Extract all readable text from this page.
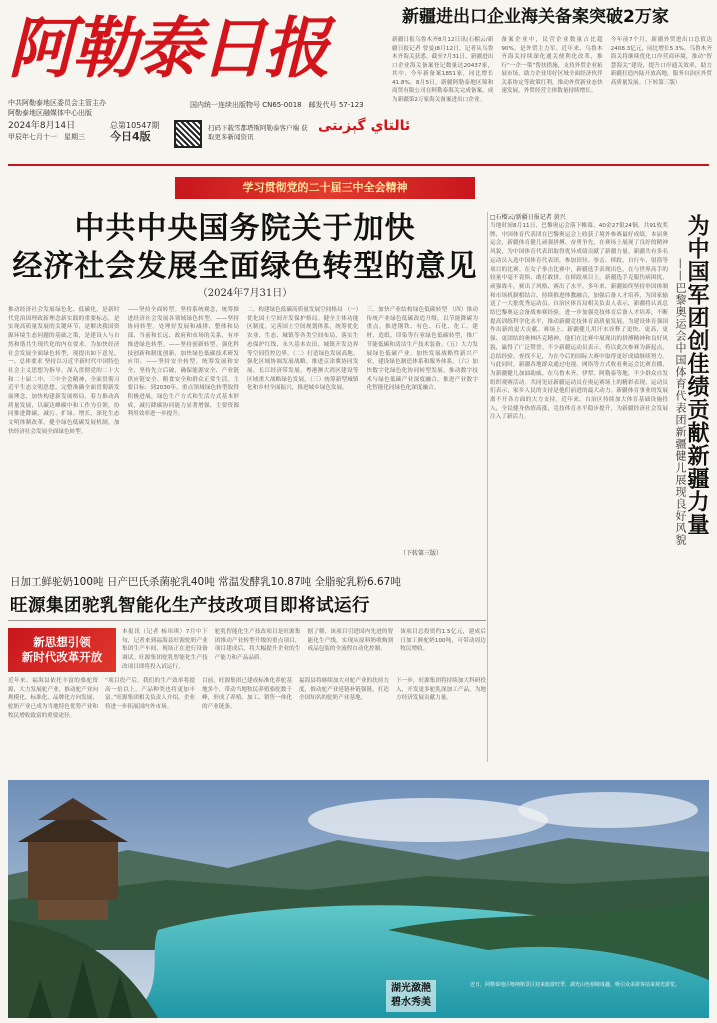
阿勒泰日报
中共阿勒泰地区委员会主管主办
阿勒泰地区融媒体中心出版
国内统一连续出版物号 CN65-0018　邮发代号 57-123
2024年8月14日
甲辰年七月十一　星期三
总第10547期
今日4版
扫码下载雪都塔斯阿勒泰客户端 获取更多新闻资讯
ئالتاي گېزىتى
新疆进出口企业海关备案突破2万家
新疆日报乌鲁木齐8月12日讯(石榴云/新疆日报记者 曾曼)8月12日，记者从乌鲁木齐海关获悉，截至7月31日，新疆进出口企业海关备案登记数量达20437家，其中，今年新备案1851家，同比增长41.8%。8月5日，新疆阿勒泰地区锦和商贸有限公司在阿勒泰海关完成备案，成为新疆第2万家海关备案进出口企业。
备案企业中，民营企业数量占比超90%，是外贸主力军。近年来，乌鲁木齐海关持续深化通关便利化改革，推行“一企一策”帮扶措施，支持外贸企业拓展市场，助力企业用好区域全面经济伙伴关系协定等政策红利，推动外贸新业态快速发展，外贸经营主体数量持续增长。
今年前7个月，新疆外贸进出口总值达2408.3亿元，同比增长5.3%。乌鲁木齐海关将继续优化口岸营商环境，推动“智慧海关”建设，提升口岸通关效率，助力新疆打造内陆开放高地，服务自治区外贸高质量发展。（下转第三版）
学习贯彻党的二十届三中全会精神
中共中央国务院关于加快
经济社会发展全面绿色转型的意见
（2024年7月31日）
推动经济社会发展绿色化、低碳化，是新时代党治国理政新理念新实践的重要标志，是实现高质量发展的关键环节，是解决我国资源环境生态问题的基础之策，是建设人与自然和谐共生现代化的内在要求。为加快经济社会发展全面绿色转型，现提出如下意见。一、总体要求 坚持以习近平新时代中国特色社会主义思想为指导，深入贯彻党的二十大和二十届二中、三中全会精神，全面贯彻习近平生态文明思想，完整准确全面贯彻新发展理念，加快构建新发展格局，着力推动高质量发展，以碳达峰碳中和工作为引领，协同推进降碳、减污、扩绿、增长，深化生态文明体制改革，健全绿色低碳发展机制，加快经济社会发展全面绿色转型。
——坚持全面转型。坚持系统观念，统筹推进经济社会发展各领域绿色转型。——坚持协同转型。处理好发展和减排、整体和局部、当前和长远、政府和市场的关系，有序推进绿色转型。——坚持创新转型。强化科技创新和制度创新，加快绿色低碳技术研发应用。——坚持安全转型。统筹发展和安全，坚持先立后破，确保能源安全、产业链供应链安全、粮食安全和群众正常生活。主要目标：到2030年，重点领域绿色转型取得积极进展，绿色生产方式和生活方式基本形成，减污降碳协同能力显著增强，主要资源利用效率进一步提升。
二、构建绿色低碳高质量发展空间格局 （一）优化国土空间开发保护格局。健全主体功能区制度，完善国土空间规划体系，统筹优化农业、生态、城镇等各类空间布局，落实生态保护红线、永久基本农田、城镇开发边界等空间管控边界。（二）打造绿色发展高地。强化区域协调发展战略，推进京津冀协同发展、长江经济带发展、粤港澳大湾区建设等区域重大战略绿色发展。（三）统筹新型城镇化和乡村全面振兴，推进城乡绿色发展。
三、加快产业结构绿色低碳转型 （四）推动传统产业绿色低碳改造升级。以节能降碳为重点，推进钢铁、有色、石化、化工、建材、造纸、印染等行业绿色低碳转型，推广节能低碳和清洁生产技术装备。（五）大力发展绿色低碳产业。加快发展战略性新兴产业，建设绿色制造体系和服务体系。（六）加快数字化绿色化协同转型发展。推动数字技术与绿色低碳产业深度融合，推进产业数字化智能化同绿色化深度融合。
（下转第三版）
□石榴云/新疆日报记者 黄兴
当地时间8月11日，巴黎奥运会落下帷幕。40金27银24铜，共91枚奖牌，中国体育代表团在巴黎奥运会上收获了境外参赛最好成绩。本届奥运会，新疆体育健儿顽强拼搏、奋勇争先，在赛场上展现了良好的精神风貌，为中国体育代表团取得优异成绩贡献了新疆力量。新疆共有多名运动员入选中国体育代表团，参加田径、拳击、摔跤、自行车、射箭等项目的比赛。在女子拳击比赛中，新疆选手表现出色，在与世界高手的较量中毫不畏惧、敢打敢拼。在摔跤项目上，新疆选手克服伤病困扰，顽强战斗，赛出了风格、赛出了水平。多年来，新疆始终坚持举国体制和市场机制相结合，持续推进体教融合，加强后备人才培养，为国家输送了一大批优秀运动员。自治区体育局相关负责人表示，新疆将认真总结巴黎奥运会备战参赛经验，进一步加强竞技体育后备人才培养，不断提高训练科学化水平，推动新疆竞技体育高质量发展，为建设体育强国作出新的更大贡献。赛场上，新疆健儿用汗水诠释了更快、更高、更强、更团结的奥林匹克精神。他们在比赛中展现出的拼搏精神和良好风貌，赢得了广泛赞誉。不少新疆运动员表示，将以此次参赛为新起点，总结经验、查找不足，为在今后的国际大赛中取得更好成绩继续努力。与此同时，新疆各地群众通过电视、网络等方式收看奥运会比赛直播，为新疆健儿加油助威。在乌鲁木齐、伊犁、阿勒泰等地，不少群众自发组织观赛活动，共同见证新疆运动员在奥运赛场上的精彩表现。运动员们表示，家乡人民的支持是他们前进的最大动力。新疆体育事业的发展离不开各方面的大力支持。近年来，自治区持续加大体育基础设施投入，全民健身热情高涨，竞技体育水平稳步提升，为新疆经济社会发展注入了新活力。	为中国军团创佳绩贡献新疆力量
——巴黎奥运会中国体育代表团新疆健儿展现良好风貌
日加工鲜驼奶100吨 日产巴氏杀菌驼乳40吨 常温发酵乳10.87吨 全脂驼乳粉6.67吨
旺源集团驼乳智能化生产技改项目即将试运行
新思想引领
新时代改革开放
本报讯（记者 杨玮琪）7月中下旬，记者来到福海县旺源驼奶产业集团生产车间，现场正在进行设备调试。旺源集团驼乳智能化生产技改项目即将投入试运行。
驼乳智能化生产技改项目是旺源集团推动产业转型升级的重点项目，项目建成后，将大幅提升企业的生产能力和产品品质。
据了解，该项目引进国内先进的智能化生产线，实现从原料奶收购到成品包装的全流程自动化控制。
该项目总投资约1.5亿元，建成后日加工鲜驼奶100吨，可带动周边牧民增收。
近年来，福海县依托丰富的骆驼资源，大力发展驼产业，推动驼产业向规模化、标准化、品牌化方向发展，驼奶产业已成为当地特色优势产业和牧民增收致富的重要途径。
“项目投产后，我们的生产效率将提高一倍以上，产品种类也将更加丰富。”旺源集团相关负责人介绍，企业将进一步拓展国内外市场。
目前，旺源集团已建成标准化养驼基地多个，带动当地牧民养殖骆驼数千峰，形成了养殖、加工、销售一体化的产业链条。
福海县将继续加大对驼产业的扶持力度，推动驼产业延链补链强链，打造全国知名的驼奶产业基地。
下一步，旺源集团将持续加大科研投入，开发更多驼乳深加工产品，为地方经济发展贡献力量。
湖光潋滟
碧水秀美
近日，阿勒泰地区喀纳斯景区迎来旅游旺季，湖光山色相映成趣，吸引众多游客前来观光游览。
